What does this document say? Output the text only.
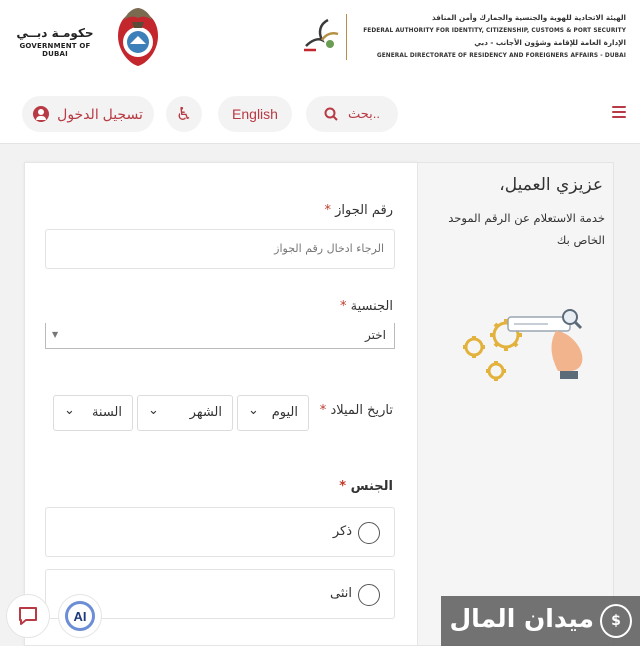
حكومـة دبــي
GOVERNMENT OF DUBAI
الهيئة الاتحادية للهوية والجنسية والجمارك وأمن المنافذ
FEDERAL AUTHORITY FOR IDENTITY, CITIZENSHIP, CUSTOMS & PORT SECURITY
الإدارة العامة للإقامة وشؤون الأجانب - دبي
GENERAL DIRECTORATE OF RESIDENCY AND FOREIGNERS AFFAIRS - DUBAI
تسجيل الدخول ♿	English	بحث..
رقم الجواز *
الرجاء ادخال رقم الجواز
الجنسية *
اختر
▼
تاريخ الميلاد *
اليوم
⌄
الشهر
⌄
السنة
⌄
الجنس *
ذكر
انثى
عزيزي العميل،
خدمة الاستعلام عن الرقم الموحد الخاص بك
AI	$
ميدان المال
